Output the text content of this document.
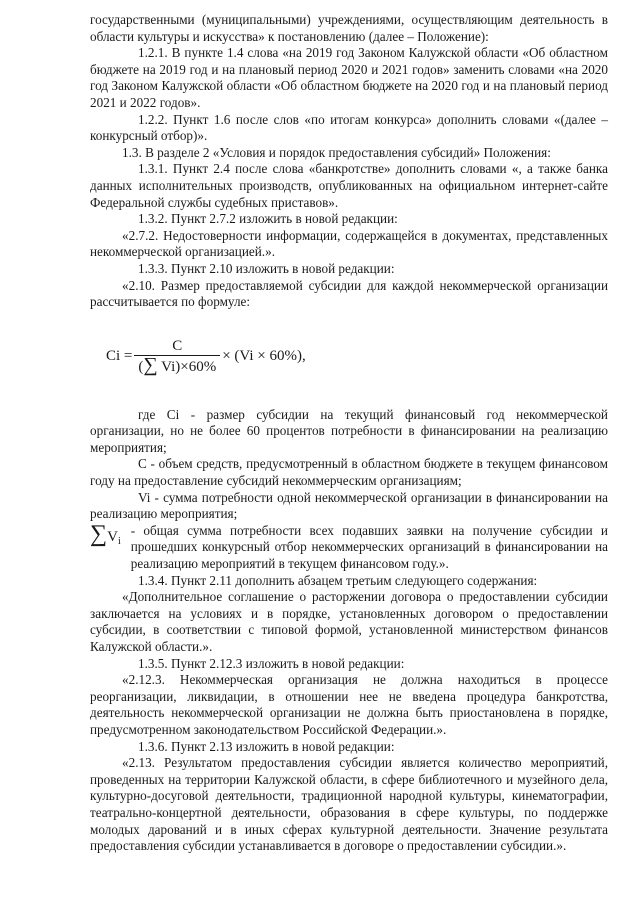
государственными (муниципальными) учреждениями, осуществляющим деятельность в области культуры и искусства» к постановлению (далее – Положение):

1.2.1. В пункте 1.4 слова «на 2019 год Законом Калужской области «Об областном бюджете на 2019 год и на плановый период 2020 и 2021 годов» заменить словами «на 2020 год Законом Калужской области «Об областном бюджете на 2020 год и на плановый период 2021 и 2022 годов».

1.2.2. Пункт 1.6 после слов «по итогам конкурса» дополнить словами «(далее – конкурсный отбор)».

1.3. В разделе 2 «Условия и порядок предоставления субсидий» Положения:

1.3.1. Пункт 2.4 после слова «банкротстве» дополнить словами «, а также банка данных исполнительных производств, опубликованных на официальном интернет-сайте Федеральной службы судебных приставов».

1.3.2. Пункт 2.7.2 изложить в новой редакции:

«2.7.2. Недостоверности информации, содержащейся в документах, представленных некоммерческой организацией.».

1.3.3. Пункт 2.10 изложить в новой редакции:

«2.10. Размер предоставляемой субсидии для каждой некоммерческой организации рассчитывается по формуле:

$Ci = \frac{С}{(\sum Vi)\times 60\%} \times (Vi \times 60\%)$,

где Ci - размер субсидии на текущий финансовый год некоммерческой организации, но не более 60 процентов потребности в финансировании на реализацию мероприятия;

С - объем средств, предусмотренный в областном бюджете в текущем финансовом году на предоставление субсидий некоммерческим организациям;

Vi - сумма потребности одной некоммерческой организации в финансировании на реализацию мероприятия;

$\sum V_i$

- общая сумма потребности всех подавших заявки на получение субсидии и прошедших конкурсный отбор некоммерческих организаций в финансировании на реализацию мероприятий в текущем финансовом году.».

1.3.4. Пункт 2.11 дополнить абзацем третьим следующего содержания:

«Дополнительное соглашение о расторжении договора о предоставлении субсидии заключается на условиях и в порядке, установленных договором о предоставлении субсидии, в соответствии с типовой формой, установленной министерством финансов Калужской области.».

1.3.5. Пункт 2.12.3 изложить в новой редакции:

«2.12.3. Некоммерческая организация не должна находиться в процессе реорганизации, ликвидации, в отношении нее не введена процедура банкротства, деятельность некоммерческой организации не должна быть приостановлена в порядке, предусмотренном законодательством Российской Федерации.».

1.3.6. Пункт 2.13 изложить в новой редакции:

«2.13. Результатом предоставления субсидии является количество мероприятий, проведенных на территории Калужской области, в сфере библиотечного и музейного дела, культурно-досуговой деятельности, традиционной народной культуры, кинематографии, театрально-концертной деятельности, образования в сфере культуры, по поддержке молодых дарований и в иных сферах культурной деятельности. Значение результата предоставления субсидии устанавливается в договоре о предоставлении субсидии.».
